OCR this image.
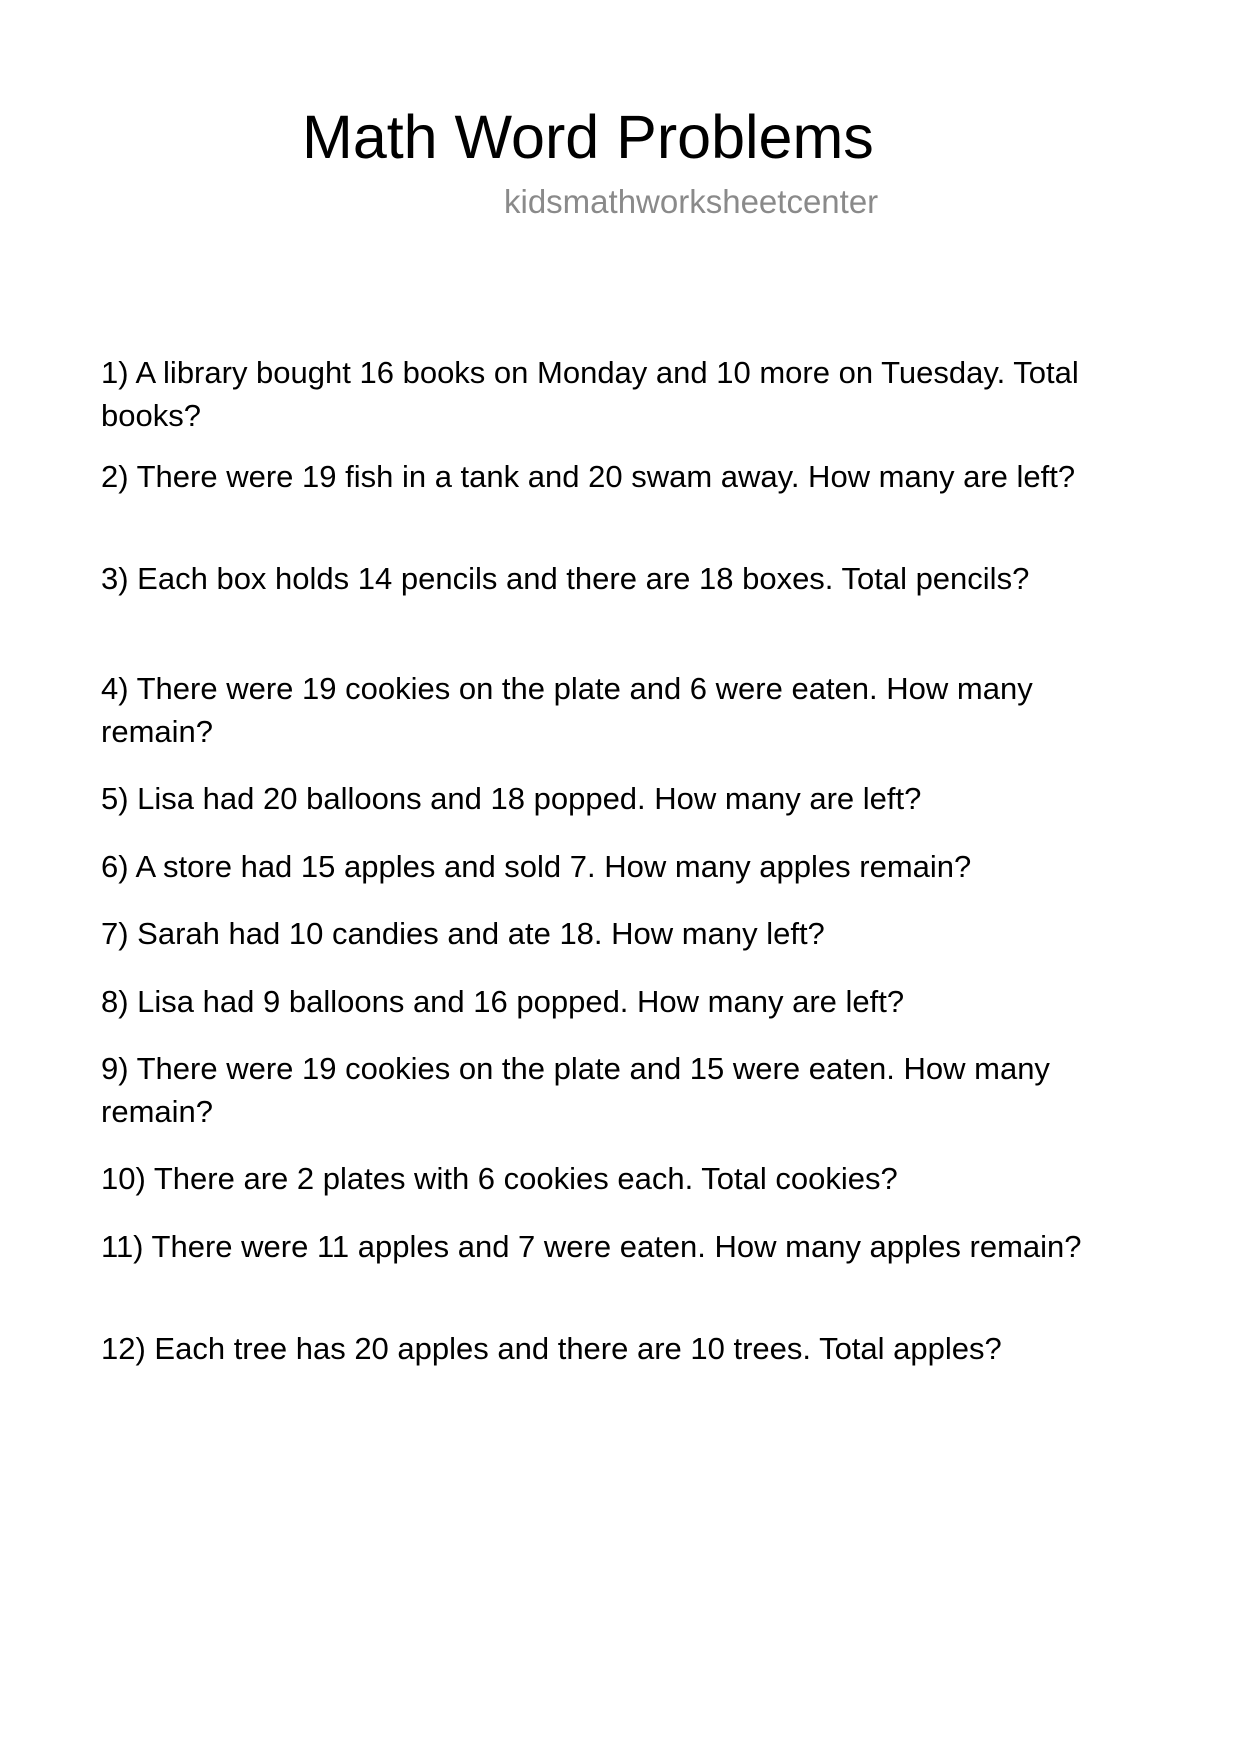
Math Word Problems
kidsmathworksheetcenter
1) A library bought 16 books on Monday and 10 more on Tuesday. Total books?
2) There were 19 fish in a tank and 20 swam away. How many are left?
3) Each box holds 14 pencils and there are 18 boxes. Total pencils?
4) There were 19 cookies on the plate and 6 were eaten. How many remain?
5) Lisa had 20 balloons and 18 popped. How many are left?
6) A store had 15 apples and sold 7. How many apples remain?
7) Sarah had 10 candies and ate 18. How many left?
8) Lisa had 9 balloons and 16 popped. How many are left?
9) There were 19 cookies on the plate and 15 were eaten. How many remain?
10) There are 2 plates with 6 cookies each. Total cookies?
11) There were 11 apples and 7 were eaten. How many apples remain?
12) Each tree has 20 apples and there are 10 trees. Total apples?
